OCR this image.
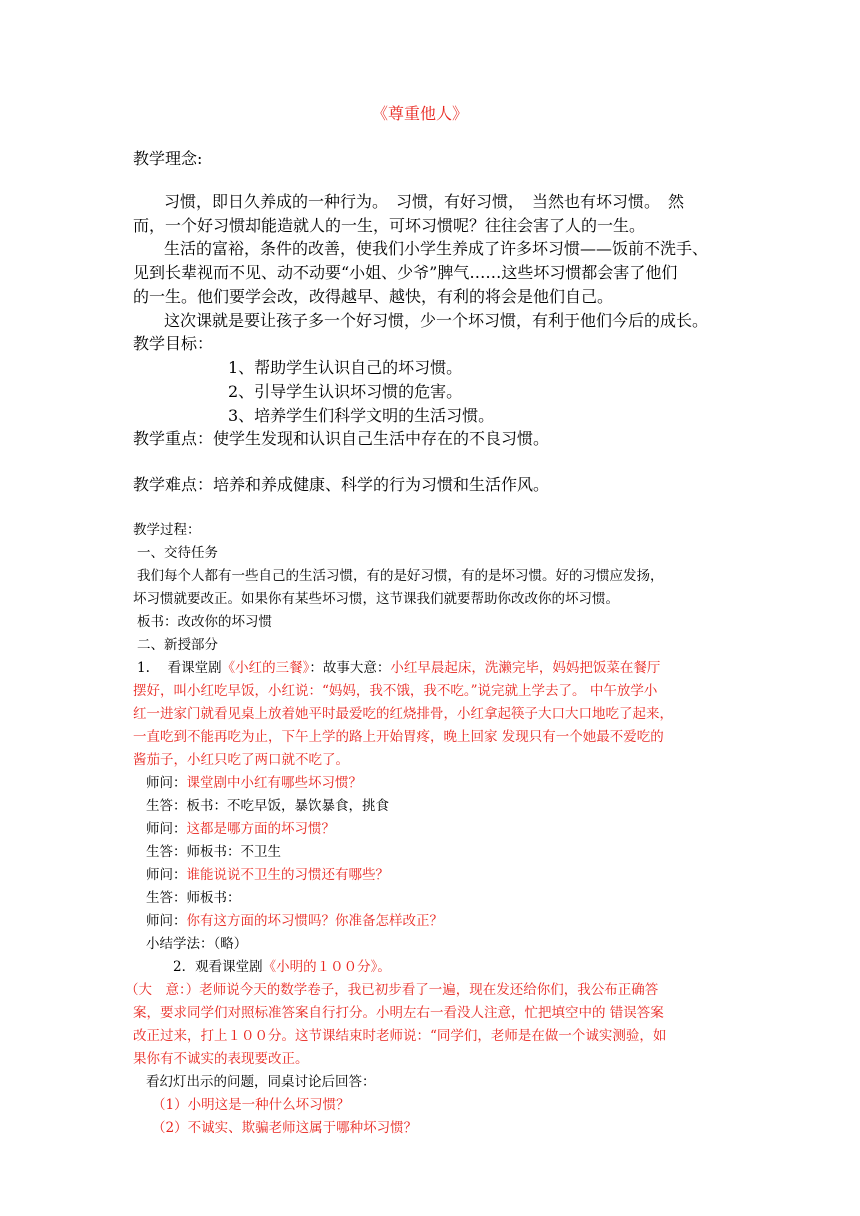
《尊重他人》
教学理念:
习惯，即日久养成的一种行为。　习惯，有好习惯，　当然也有坏习惯。　然
而，一个好习惯却能造就人的一生，可坏习惯呢？往往会害了人的一生。
生活的富裕，条件的改善，使我们小学生养成了许多坏习惯——饭前不洗手、
见到长辈视而不见、动不动要“小姐、少爷”脾气……这些坏习惯都会害了他们
的一生。他们要学会改，改得越早、越快，有利的将会是他们自己。
这次课就是要让孩子多一个好习惯，少一个坏习惯，有利于他们今后的成长。
教学目标：
1、帮助学生认识自己的坏习惯。
2、引导学生认识坏习惯的危害。
3、培养学生们科学文明的生活习惯。
教学重点：使学生发现和认识自己生活中存在的不良习惯。
教学难点：培养和养成健康、科学的行为习惯和生活作风。
教学过程：
一、交待任务
我们每个人都有一些自己的生活习惯，有的是好习惯，有的是坏习惯。好的习惯应发扬，
坏习惯就要改正。如果你有某些坏习惯，这节课我们就要帮助你改改你的坏习惯。
板书：改改你的坏习惯
二、新授部分
1.　 看课堂剧《小红的三餐》：故事大意：小红早晨起床，洗濑完毕，妈妈把饭菜在餐厅
摆好，叫小红吃早饭，小红说：“妈妈，我不饿，我不吃。”说完就上学去了。 中午放学小
红一进家门就看见桌上放着她平时最爱吃的红烧排骨，小红拿起筷子大口大口地吃了起来，
一直吃到不能再吃为止，下午上学的路上开始胃疼，晚上回家 发现只有一个她最不爱吃的
酱茄子，小红只吃了两口就不吃了。
师问：课堂剧中小红有哪些坏习惯？
生答：板书：不吃早饭，暴饮暴食，挑食
师问：这都是哪方面的坏习惯？
生答：师板书：不卫生
师问：谁能说说不卫生的习惯还有哪些？
生答：师板书：
师问：你有这方面的坏习惯吗？你准备怎样改正？
小结学法：（略）
2．观看课堂剧《小明的１００分》。
（大　意：）老师说今天的数学卷子，我已初步看了一遍，现在发还给你们，我公布正确答
案，要求同学们对照标准答案自行打分。小明左右一看没人注意，忙把填空中的 错误答案
改正过来，打上１００分。这节课结束时老师说：“同学们，老师是在做一个诚实测验，如
果你有不诚实的表现要改正。
看幻灯出示的问题，同桌讨论后回答：
（1）小明这是一种什么坏习惯？
（2）不诚实、欺骗老师这属于哪种坏习惯？
